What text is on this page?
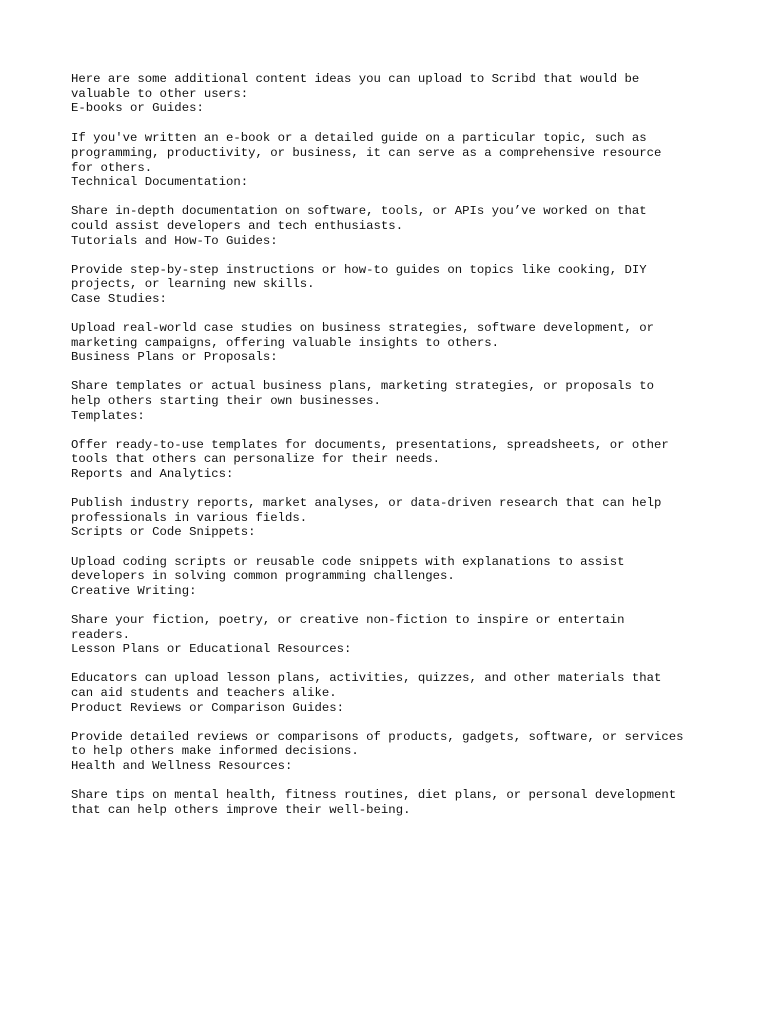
Here are some additional content ideas you can upload to Scribd that would be
valuable to other users:

E-books or Guides:

If you've written an e-book or a detailed guide on a particular topic, such as
programming, productivity, or business, it can serve as a comprehensive resource
for others.

Technical Documentation:

Share in-depth documentation on software, tools, or APIs you’ve worked on that
could assist developers and tech enthusiasts.

Tutorials and How-To Guides:

Provide step-by-step instructions or how-to guides on topics like cooking, DIY
projects, or learning new skills.

Case Studies:

Upload real-world case studies on business strategies, software development, or
marketing campaigns, offering valuable insights to others.

Business Plans or Proposals:

Share templates or actual business plans, marketing strategies, or proposals to
help others starting their own businesses.

Templates:

Offer ready-to-use templates for documents, presentations, spreadsheets, or other
tools that others can personalize for their needs.

Reports and Analytics:

Publish industry reports, market analyses, or data-driven research that can help
professionals in various fields.

Scripts or Code Snippets:

Upload coding scripts or reusable code snippets with explanations to assist
developers in solving common programming challenges.

Creative Writing:

Share your fiction, poetry, or creative non-fiction to inspire or entertain
readers.

Lesson Plans or Educational Resources:

Educators can upload lesson plans, activities, quizzes, and other materials that
can aid students and teachers alike.

Product Reviews or Comparison Guides:

Provide detailed reviews or comparisons of products, gadgets, software, or services
to help others make informed decisions.

Health and Wellness Resources:

Share tips on mental health, fitness routines, diet plans, or personal development
that can help others improve their well-being.
